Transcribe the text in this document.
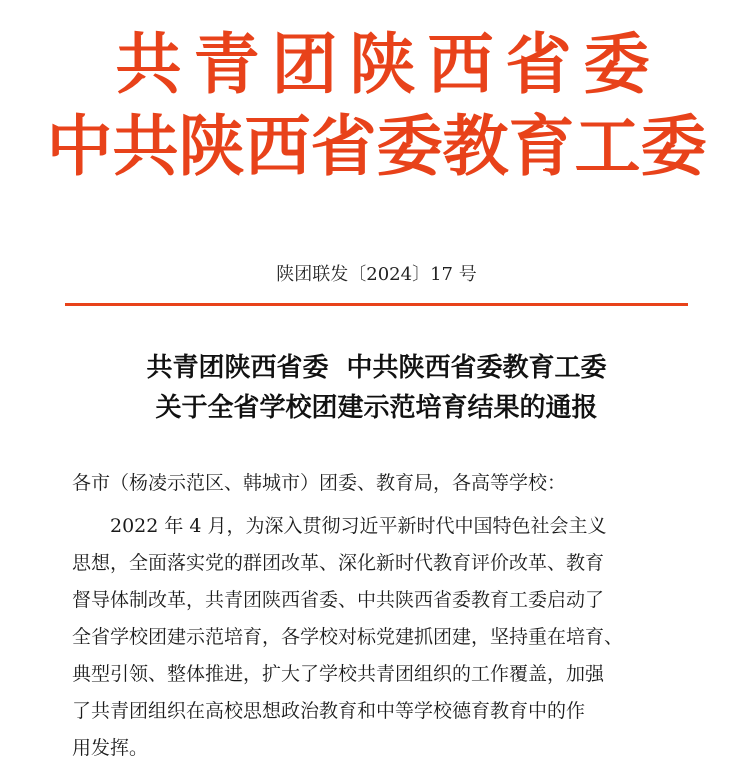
共青团陕西省委
中共陕西省委教育工委
陕团联发〔2024〕17 号
共青团陕西省委  中共陕西省委教育工委
关于全省学校团建示范培育结果的通报
各市（杨凌示范区、韩城市）团委、教育局，各高等学校：
2022 年 4 月，为深入贯彻习近平新时代中国特色社会主义
思想，全面落实党的群团改革、深化新时代教育评价改革、教育
督导体制改革，共青团陕西省委、中共陕西省委教育工委启动了
全省学校团建示范培育，各学校对标党建抓团建，坚持重在培育、
典型引领、整体推进，扩大了学校共青团组织的工作覆盖，加强
了共青团组织在高校思想政治教育和中等学校德育教育中的作
用发挥。
